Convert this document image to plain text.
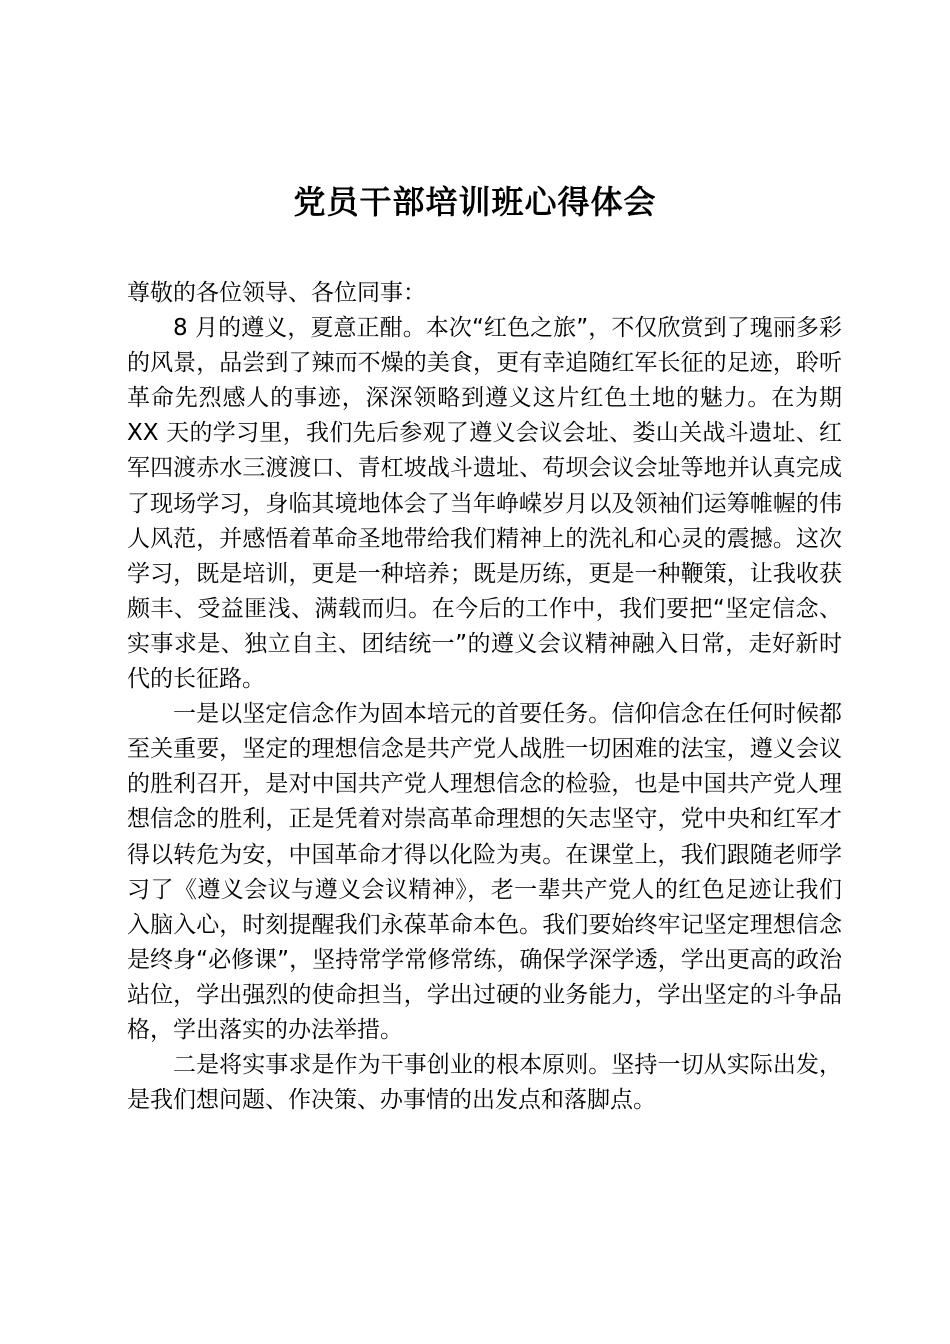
党员干部培训班心得体会

尊敬的各位领导、各位同事：

8 月的遵义，夏意正酣。本次“红色之旅”，不仅欣赏到了瑰丽多彩的风景，品尝到了辣而不燥的美食，更有幸追随红军长征的足迹，聆听革命先烈感人的事迹，深深领略到遵义这片红色土地的魅力。在为期 XX 天的学习里，我们先后参观了遵义会议会址、娄山关战斗遗址、红军四渡赤水三渡渡口、青杠坡战斗遗址、苟坝会议会址等地并认真完成了现场学习，身临其境地体会了当年峥嵘岁月以及领袖们运筹帷幄的伟人风范，并感悟着革命圣地带给我们精神上的洗礼和心灵的震撼。这次学习，既是培训，更是一种培养；既是历练，更是一种鞭策，让我收获颇丰、受益匪浅、满载而归。在今后的工作中，我们要把“坚定信念、实事求是、独立自主、团结统一”的遵义会议精神融入日常，走好新时代的长征路。

一是以坚定信念作为固本培元的首要任务。信仰信念在任何时候都至关重要，坚定的理想信念是共产党人战胜一切困难的法宝，遵义会议的胜利召开，是对中国共产党人理想信念的检验，也是中国共产党人理想信念的胜利，正是凭着对崇高革命理想的矢志坚守，党中央和红军才得以转危为安，中国革命才得以化险为夷。在课堂上，我们跟随老师学习了《遵义会议与遵义会议精神》，老一辈共产党人的红色足迹让我们入脑入心，时刻提醒我们永葆革命本色。我们要始终牢记坚定理想信念是终身“必修课”，坚持常学常修常练，确保学深学透，学出更高的政治站位，学出强烈的使命担当，学出过硬的业务能力，学出坚定的斗争品格，学出落实的办法举措。

二是将实事求是作为干事创业的根本原则。坚持一切从实际出发，是我们想问题、作决策、办事情的出发点和落脚点。
